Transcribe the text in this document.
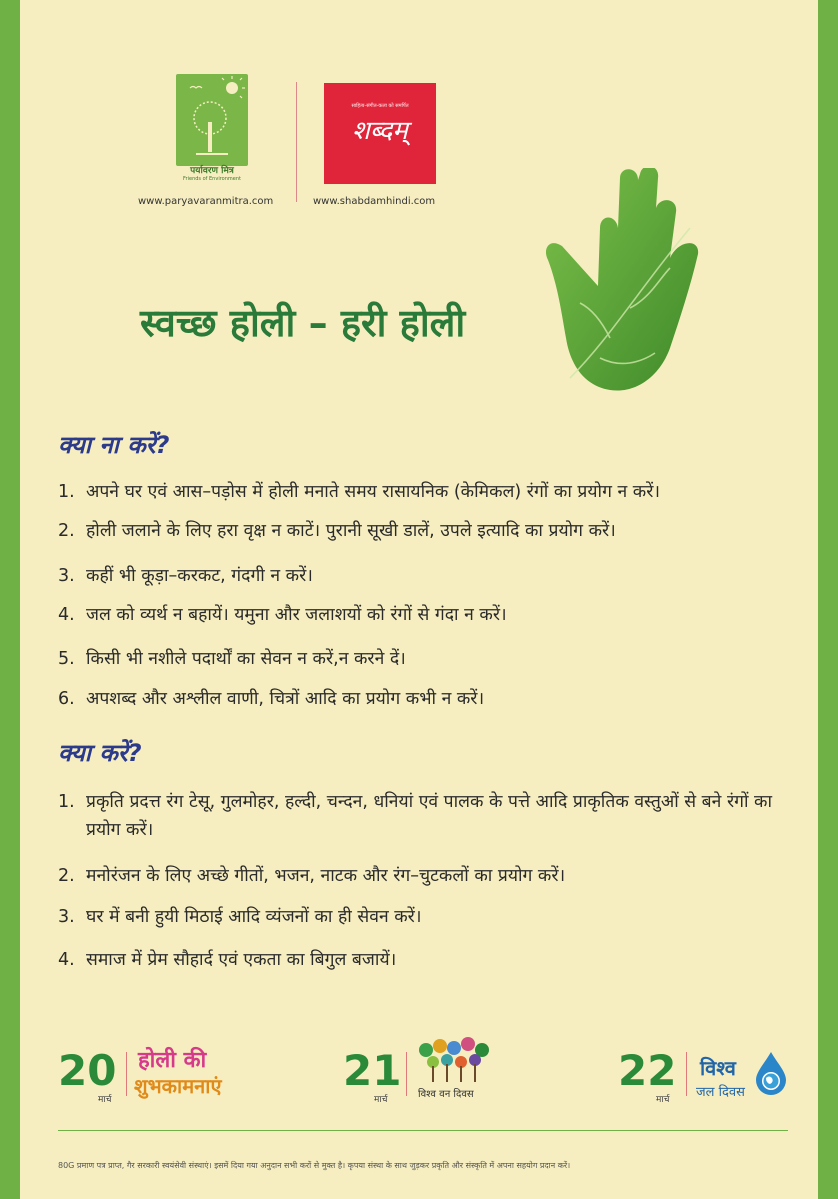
पर्यावरण मित्र
Friends of Environment
www.paryavaranmitra.com
साहित्य-संगीत-कला को समर्पित
शब्दम्
www.shabdamhindi.com
स्वच्छ होली – हरी होली
क्या ना करें?
1. अपने घर एवं आस–पड़ोस में होली मनाते समय रासायनिक (केमिकल) रंगों का प्रयोग न करें।
2. होली जलाने के लिए हरा वृक्ष न काटें। पुरानी सूखी डालें, उपले इत्यादि का प्रयोग करें।
3. कहीं भी कूड़ा–करकट, गंदगी न करें।
4. जल को व्यर्थ न बहायें। यमुना और जलाशयों को रंगों से गंदा न करें।
5. किसी भी नशीले पदार्थों का सेवन न करें,न करने दें।
6. अपशब्द और अश्लील वाणी, चित्रों आदि का प्रयोग कभी न करें।
क्या करें?
1. प्रकृति प्रदत्त रंग टेसू, गुलमोहर, हल्दी, चन्दन, धनियां एवं पालक के पत्ते आदि प्राकृतिक वस्तुओं से बने रंगों का प्रयोग करें।
2. मनोरंजन के लिए अच्छे गीतों, भजन, नाटक और रंग–चुटकलों का प्रयोग करें।
3. घर में बनी हुयी मिठाई आदि व्यंजनों का ही सेवन करें।
4. समाज में प्रेम सौहार्द एवं एकता का बिगुल बजायें।
20
मार्च
होली की
शुभकामनाएं	21
मार्च	विश्व वन दिवस	22
मार्च
विश्व
जल दिवस
80G प्रमाण पत्र प्राप्त, गैर सरकारी स्वयंसेवी संस्थाएं। इसमें दिया गया अनुदान सभी करों से मुक्त है। कृपया संस्था के साथ जुड़कर प्रकृति और संस्कृति में अपना सहयोग प्रदान करें।
